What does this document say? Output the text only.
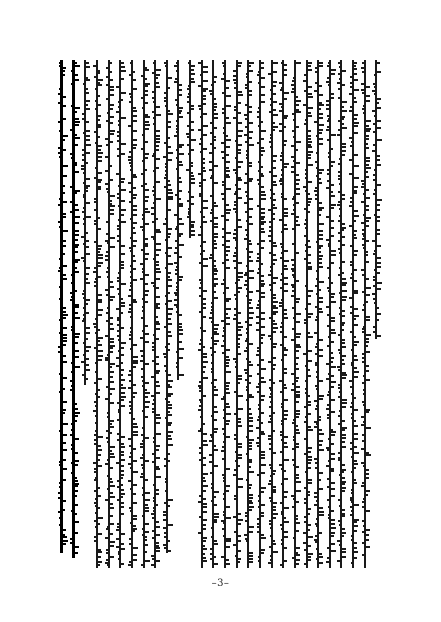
–3–
